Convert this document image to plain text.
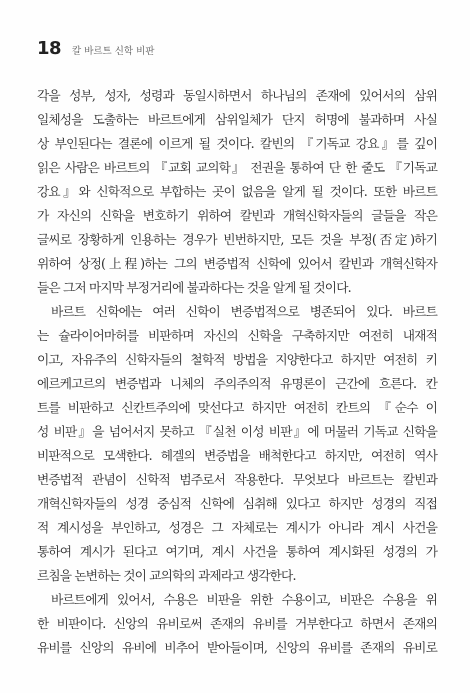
18 칼 바르트 신학 비판
각을 성부, 성자, 성령과 동일시하면서 하나님의 존재에 있어서의 삼위
일체성을 도출하는 바르트에게 삼위일체가 단지 허명에 불과하며 사실
상 부인된다는 결론에 이르게 될 것이다. 칼빈의 『기독교 강요』를 깊이
읽은 사람은 바르트의 『교회 교의학』 전권을 통하여 단 한 줄도 『기독교
강요』와 신학적으로 부합하는 곳이 없음을 알게 될 것이다. 또한 바르트
가 자신의 신학을 변호하기 위하여 칼빈과 개혁신학자들의 글들을 작은
글씨로 장황하게 인용하는 경우가 빈번하지만, 모든 것을 부정(否定)하기
위하여 상정(上程)하는 그의 변증법적 신학에 있어서 칼빈과 개혁신학자
들은 그저 마지막 부정거리에 불과하다는 것을 알게 될 것이다.
바르트 신학에는 여러 신학이 변증법적으로 병존되어 있다. 바르트
는 슐라이어마허를 비판하며 자신의 신학을 구축하지만 여전히 내재적
이고, 자유주의 신학자들의 철학적 방법을 지양한다고 하지만 여전히 키
에르케고르의 변증법과 니체의 주의주의적 유명론이 근간에 흐른다. 칸
트를 비판하고 신칸트주의에 맞선다고 하지만 여전히 칸트의 『순수 이
성 비판』을 넘어서지 못하고 『실천 이성 비판』에 머물러 기독교 신학을
비판적으로 모색한다. 헤겔의 변증법을 배척한다고 하지만, 여전히 역사
변증법적 관념이 신학적 범주로서 작용한다. 무엇보다 바르트는 칼빈과
개혁신학자들의 성경 중심적 신학에 심취해 있다고 하지만 성경의 직접
적 계시성을 부인하고, 성경은 그 자체로는 계시가 아니라 계시 사건을
통하여 계시가 된다고 여기며, 계시 사건을 통하여 계시화된 성경의 가
르침을 논변하는 것이 교의학의 과제라고 생각한다.
바르트에게 있어서, 수용은 비판을 위한 수용이고, 비판은 수용을 위
한 비판이다. 신앙의 유비로써 존재의 유비를 거부한다고 하면서 존재의
유비를 신앙의 유비에 비추어 받아들이며, 신앙의 유비를 존재의 유비로
